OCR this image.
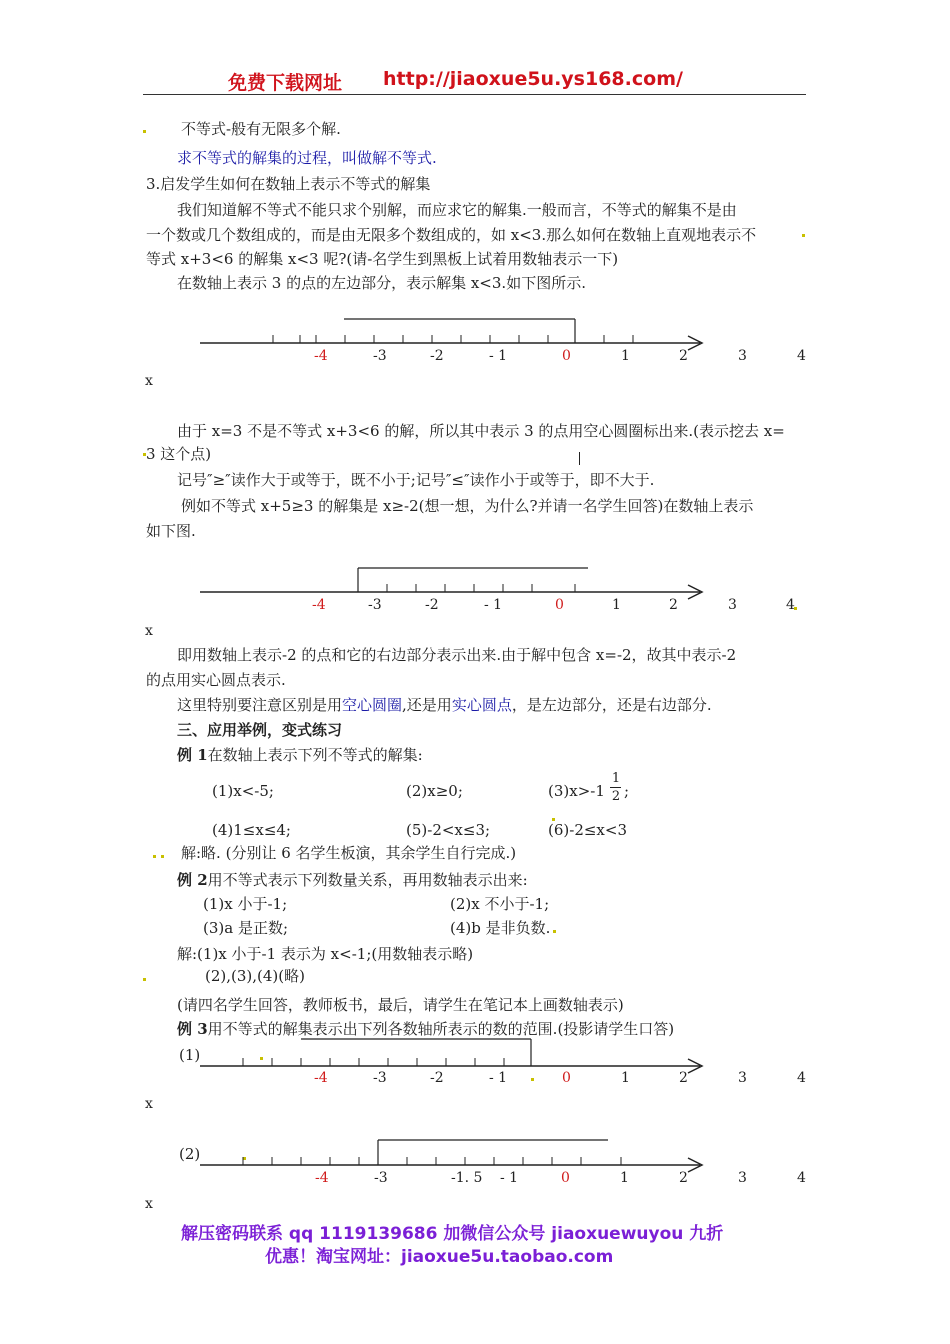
免费下载网址 http://jiaoxue5u.ys168.com/
不等式-般有无限多个解.
求不等式的解集的过程，叫做解不等式.
3.启发学生如何在数轴上表示不等式的解集
我们知道解不等式不能只求个别解，而应求它的解集.一般而言，不等式的解集不是由
一个数或几个数组成的，而是由无限多个数组成的，如 x<3.那么如何在数轴上直观地表示不
等式 x+3<6 的解集 x<3 呢?(请-名学生到黑板上试着用数轴表示一下)
在数轴上表示 3 的点的左边部分，表示解集 x<3.如下图所示.
-4	-3	-2	- 1	0	1	2	3	4
x
由于 x=3 不是不等式 x+3<6 的解，所以其中表示 3 的点用空心圆圈标出来.(表示挖去 x=
3 这个点)
记号″≥″读作大于或等于，既不小于;记号″≤″读作小于或等于，即不大于.
例如不等式 x+5≥3 的解集是 x≥-2(想一想，为什么?并请一名学生回答)在数轴上表示
如下图.
-4	-3	-2	- 1	0	1	2	3	4
x
即用数轴上表示-2 的点和它的右边部分表示出来.由于解中包含 x=-2，故其中表示-2
的点用实心圆点表示.
这里特别要注意区别是用空心圆圈,还是用实心圆点，是左边部分，还是右边部分.
三、应用举例，变式练习
例 1在数轴上表示下列不等式的解集:
(1)x<-5;	(2)x≥0;	(3)x>-1
1
2 ;
(4)1≤x≤4;	(5)-2<x≤3;	(6)-2≤x<3
解:略. (分别让 6 名学生板演，其余学生自行完成.)
例 2用不等式表示下列数量关系，再用数轴表示出来:
(1)x 小于-1;	(2)x 不小于-1;
(3)a 是正数;	(4)b 是非负数.
解:(1)x 小于-1 表示为 x<-1;(用数轴表示略)
(2),(3),(4)(略)
(请四名学生回答，教师板书，最后，请学生在笔记本上画数轴表示)
例 3用不等式的解集表示出下列各数轴所表示的数的范围.(投影请学生口答)
(1)
-4	-3	-2	- 1	0	1	2	3	4
x
(2)
-4	-3	-1. 5 - 1	0	1	2	3	4
x
解压密码联系 qq 1119139686 加微信公众号 jiaoxuewuyou 九折
优惠！淘宝网址：jiaoxue5u.taobao.com
